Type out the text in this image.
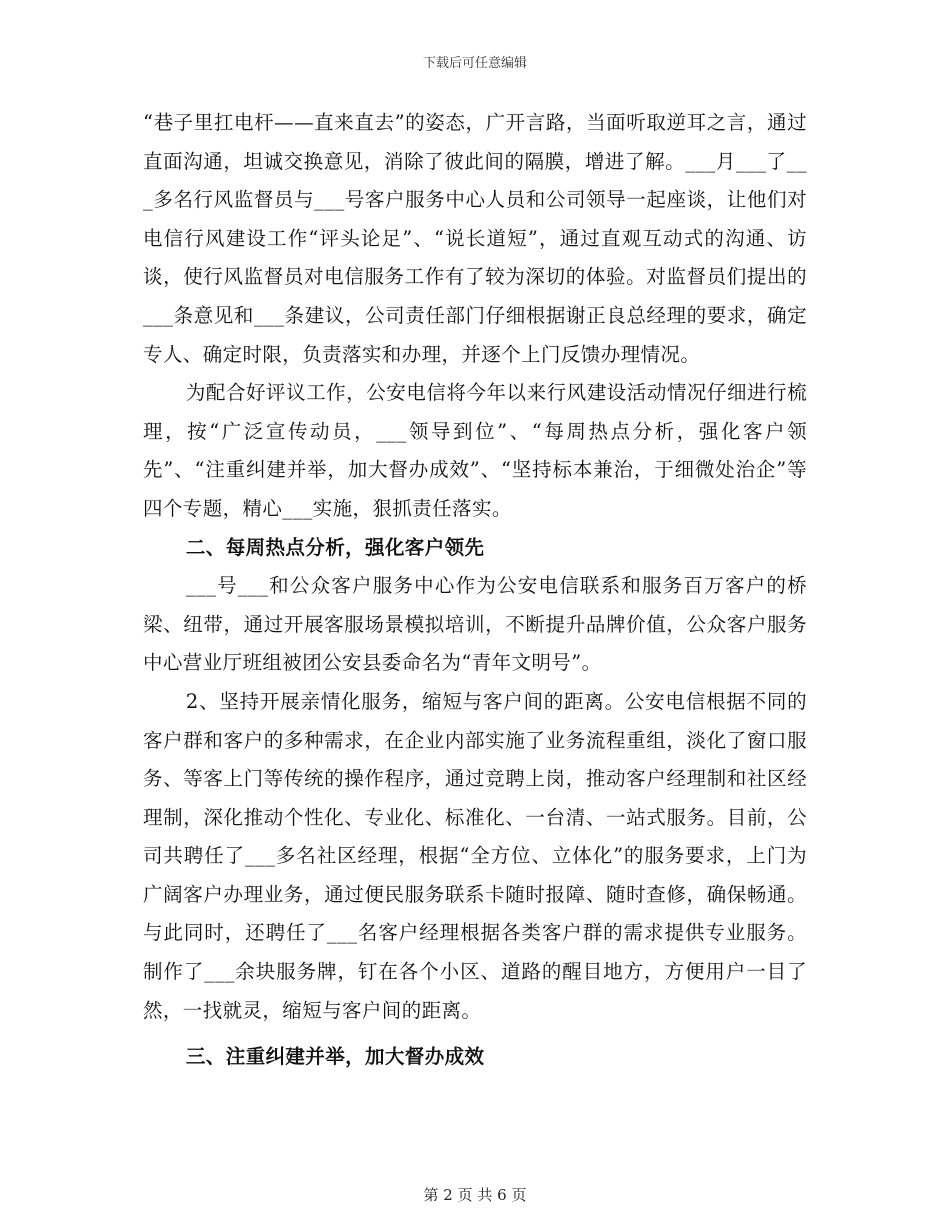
下载后可任意编辑

“巷子里扛电杆——直来直去”的姿态，广开言路，当面听取逆耳之言，通过直面沟通，坦诚交换意见，消除了彼此间的隔膜，增进了解。___月___了___多名行风监督员与___号客户服务中心人员和公司领导一起座谈，让他们对电信行风建设工作“评头论足”、“说长道短”，通过直观互动式的沟通、访谈，使行风监督员对电信服务工作有了较为深切的体验。对监督员们提出的___条意见和___条建议，公司责任部门仔细根据谢正良总经理的要求，确定专人、确定时限，负责落实和办理，并逐个上门反馈办理情况。

为配合好评议工作，公安电信将今年以来行风建设活动情况仔细进行梳理，按“广泛宣传动员，___领导到位”、“每周热点分析，强化客户领先”、“注重纠建并举，加大督办成效”、“坚持标本兼治，于细微处治企”等四个专题，精心___实施，狠抓责任落实。

二、每周热点分析，强化客户领先

___号___和公众客户服务中心作为公安电信联系和服务百万客户的桥梁、纽带，通过开展客服场景模拟培训，不断提升品牌价值，公众客户服务中心营业厅班组被团公安县委命名为“青年文明号”。

2、坚持开展亲情化服务，缩短与客户间的距离。公安电信根据不同的客户群和客户的多种需求，在企业内部实施了业务流程重组，淡化了窗口服务、等客上门等传统的操作程序，通过竞聘上岗，推动客户经理制和社区经理制，深化推动个性化、专业化、标准化、一台清、一站式服务。目前，公司共聘任了___多名社区经理，根据“全方位、立体化”的服务要求，上门为广阔客户办理业务，通过便民服务联系卡随时报障、随时查修，确保畅通。与此同时，还聘任了___名客户经理根据各类客户群的需求提供专业服务。制作了___余块服务牌，钉在各个小区、道路的醒目地方，方便用户一目了然，一找就灵，缩短与客户间的距离。

三、注重纠建并举，加大督办成效

第 2 页 共 6 页
